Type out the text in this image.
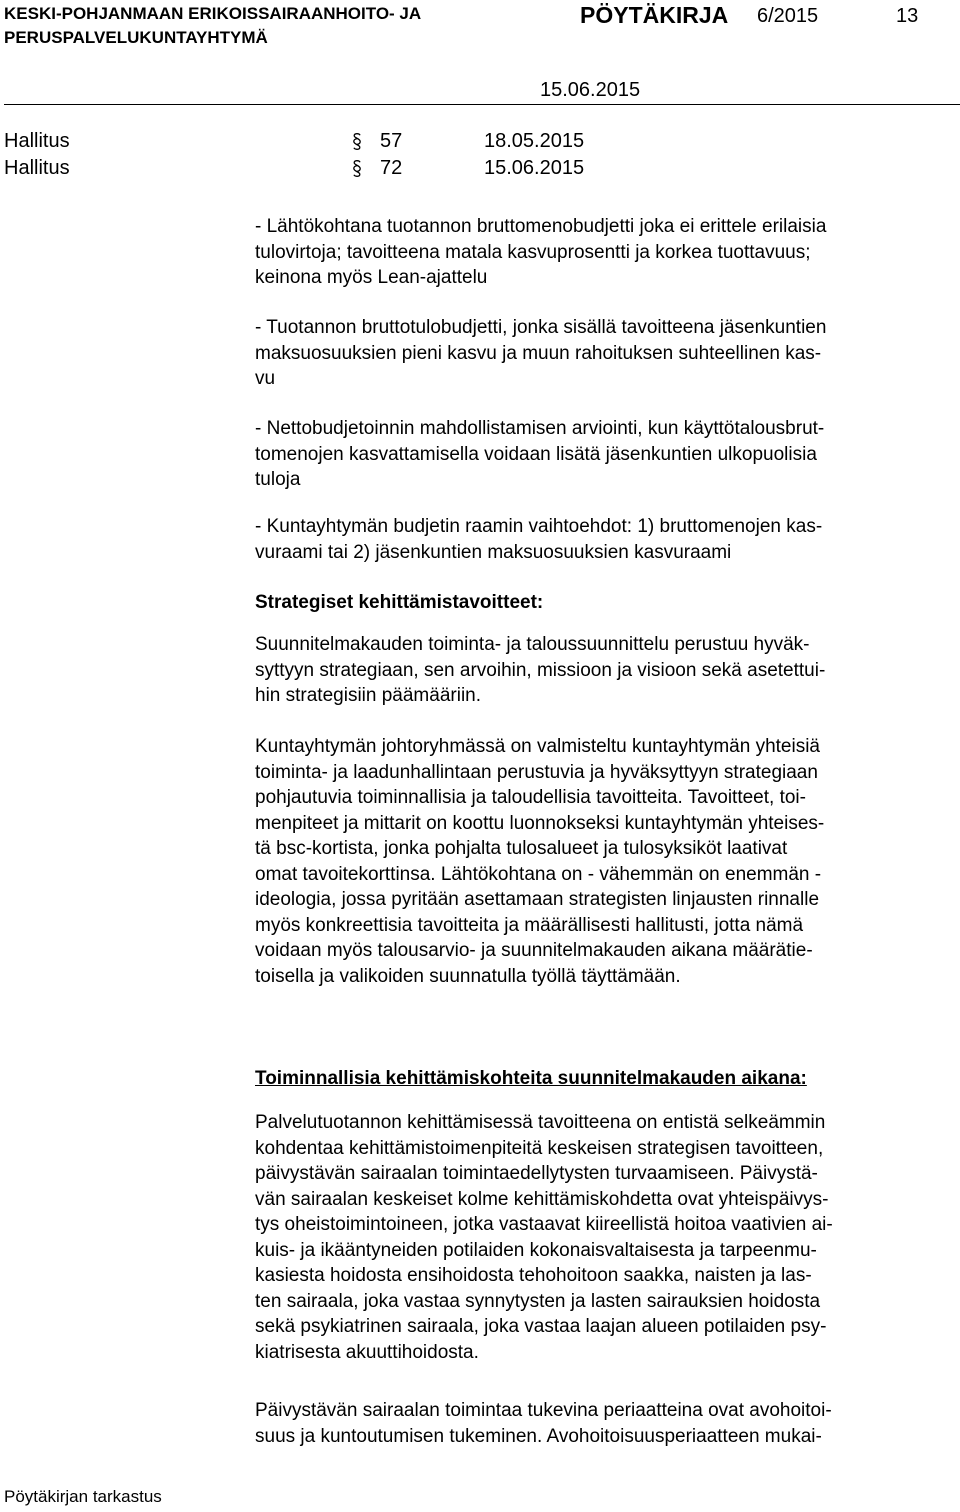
KESKI-POHJANMAAN ERIKOISSAIRAANHOITO- JA
PERUSPALVELUKUNTAYHTYMÄ
PÖYTÄKIRJA 6/2015	13
15.06.2015
Hallitus	57	18.05.2015
Hallitus	72	15.06.2015

- Lähtökohtana tuotannon bruttomenobudjetti joka ei erittele erilaisia

tulovirtoja; tavoitteena matala kasvuprosentti ja korkea tuottavuus;

keinona myös Lean-ajattelu

- Tuotannon bruttotulobudjetti, jonka sisällä tavoitteena jäsenkuntien

maksuosuuksien pieni kasvu ja muun rahoituksen suhteellinen kas-

vu

- Nettobudjetoinnin mahdollistamisen arviointi, kun käyttötalousbrut-

tomenojen kasvattamisella voidaan lisätä jäsenkuntien ulkopuolisia

tuloja

- Kuntayhtymän budjetin raamin vaihtoehdot: 1) bruttomenojen kas-

vuraami tai 2) jäsenkuntien maksuosuuksien kasvuraami

Strategiset kehittämistavoitteet:

Suunnitelmakauden toiminta- ja taloussuunnittelu perustuu hyväk-

syttyyn strategiaan, sen arvoihin, missioon ja visioon sekä asetettui-

hin strategisiin päämääriin.

Kuntayhtymän johtoryhmässä on valmisteltu kuntayhtymän yhteisiä

toiminta- ja laadunhallintaan perustuvia ja hyväksyttyyn strategiaan

pohjautuvia toiminnallisia ja taloudellisia tavoitteita. Tavoitteet, toi-

menpiteet ja mittarit on koottu luonnokseksi kuntayhtymän yhteises-

tä bsc-kortista, jonka pohjalta tulosalueet ja tulosyksiköt laativat

omat tavoitekorttinsa. Lähtökohtana on - vähemmän on enemmän -

ideologia, jossa pyritään asettamaan strategisten linjausten rinnalle

myös konkreettisia tavoitteita ja määrällisesti hallitusti, jotta nämä

voidaan myös talousarvio- ja suunnitelmakauden aikana määrätie-

toisella ja valikoiden suunnatulla työllä täyttämään.

Toiminnallisia kehittämiskohteita suunnitelmakauden aikana:

Palvelutuotannon kehittämisessä tavoitteena on entistä selkeämmin

kohdentaa kehittämistoimenpiteitä keskeisen strategisen tavoitteen,

päivystävän sairaalan toimintaedellytysten turvaamiseen. Päivystä-

vän sairaalan keskeiset kolme kehittämiskohdetta ovat yhteispäivys-

tys oheistoimintoineen, jotka vastaavat kiireellistä hoitoa vaativien ai-

kuis- ja ikääntyneiden potilaiden kokonaisvaltaisesta ja tarpeenmu-

kasiesta hoidosta ensihoidosta tehohoitoon saakka, naisten ja las-

ten sairaala, joka vastaa synnytysten ja lasten sairauksien hoidosta

sekä psykiatrinen sairaala, joka vastaa laajan alueen potilaiden psy-

kiatrisesta akuuttihoidosta.

Päivystävän sairaalan toimintaa tukevina periaatteina ovat avohoitoi-

suus ja kuntoutumisen tukeminen. Avohoitoisuusperiaatteen mukai-

Pöytäkirjan tarkastus
